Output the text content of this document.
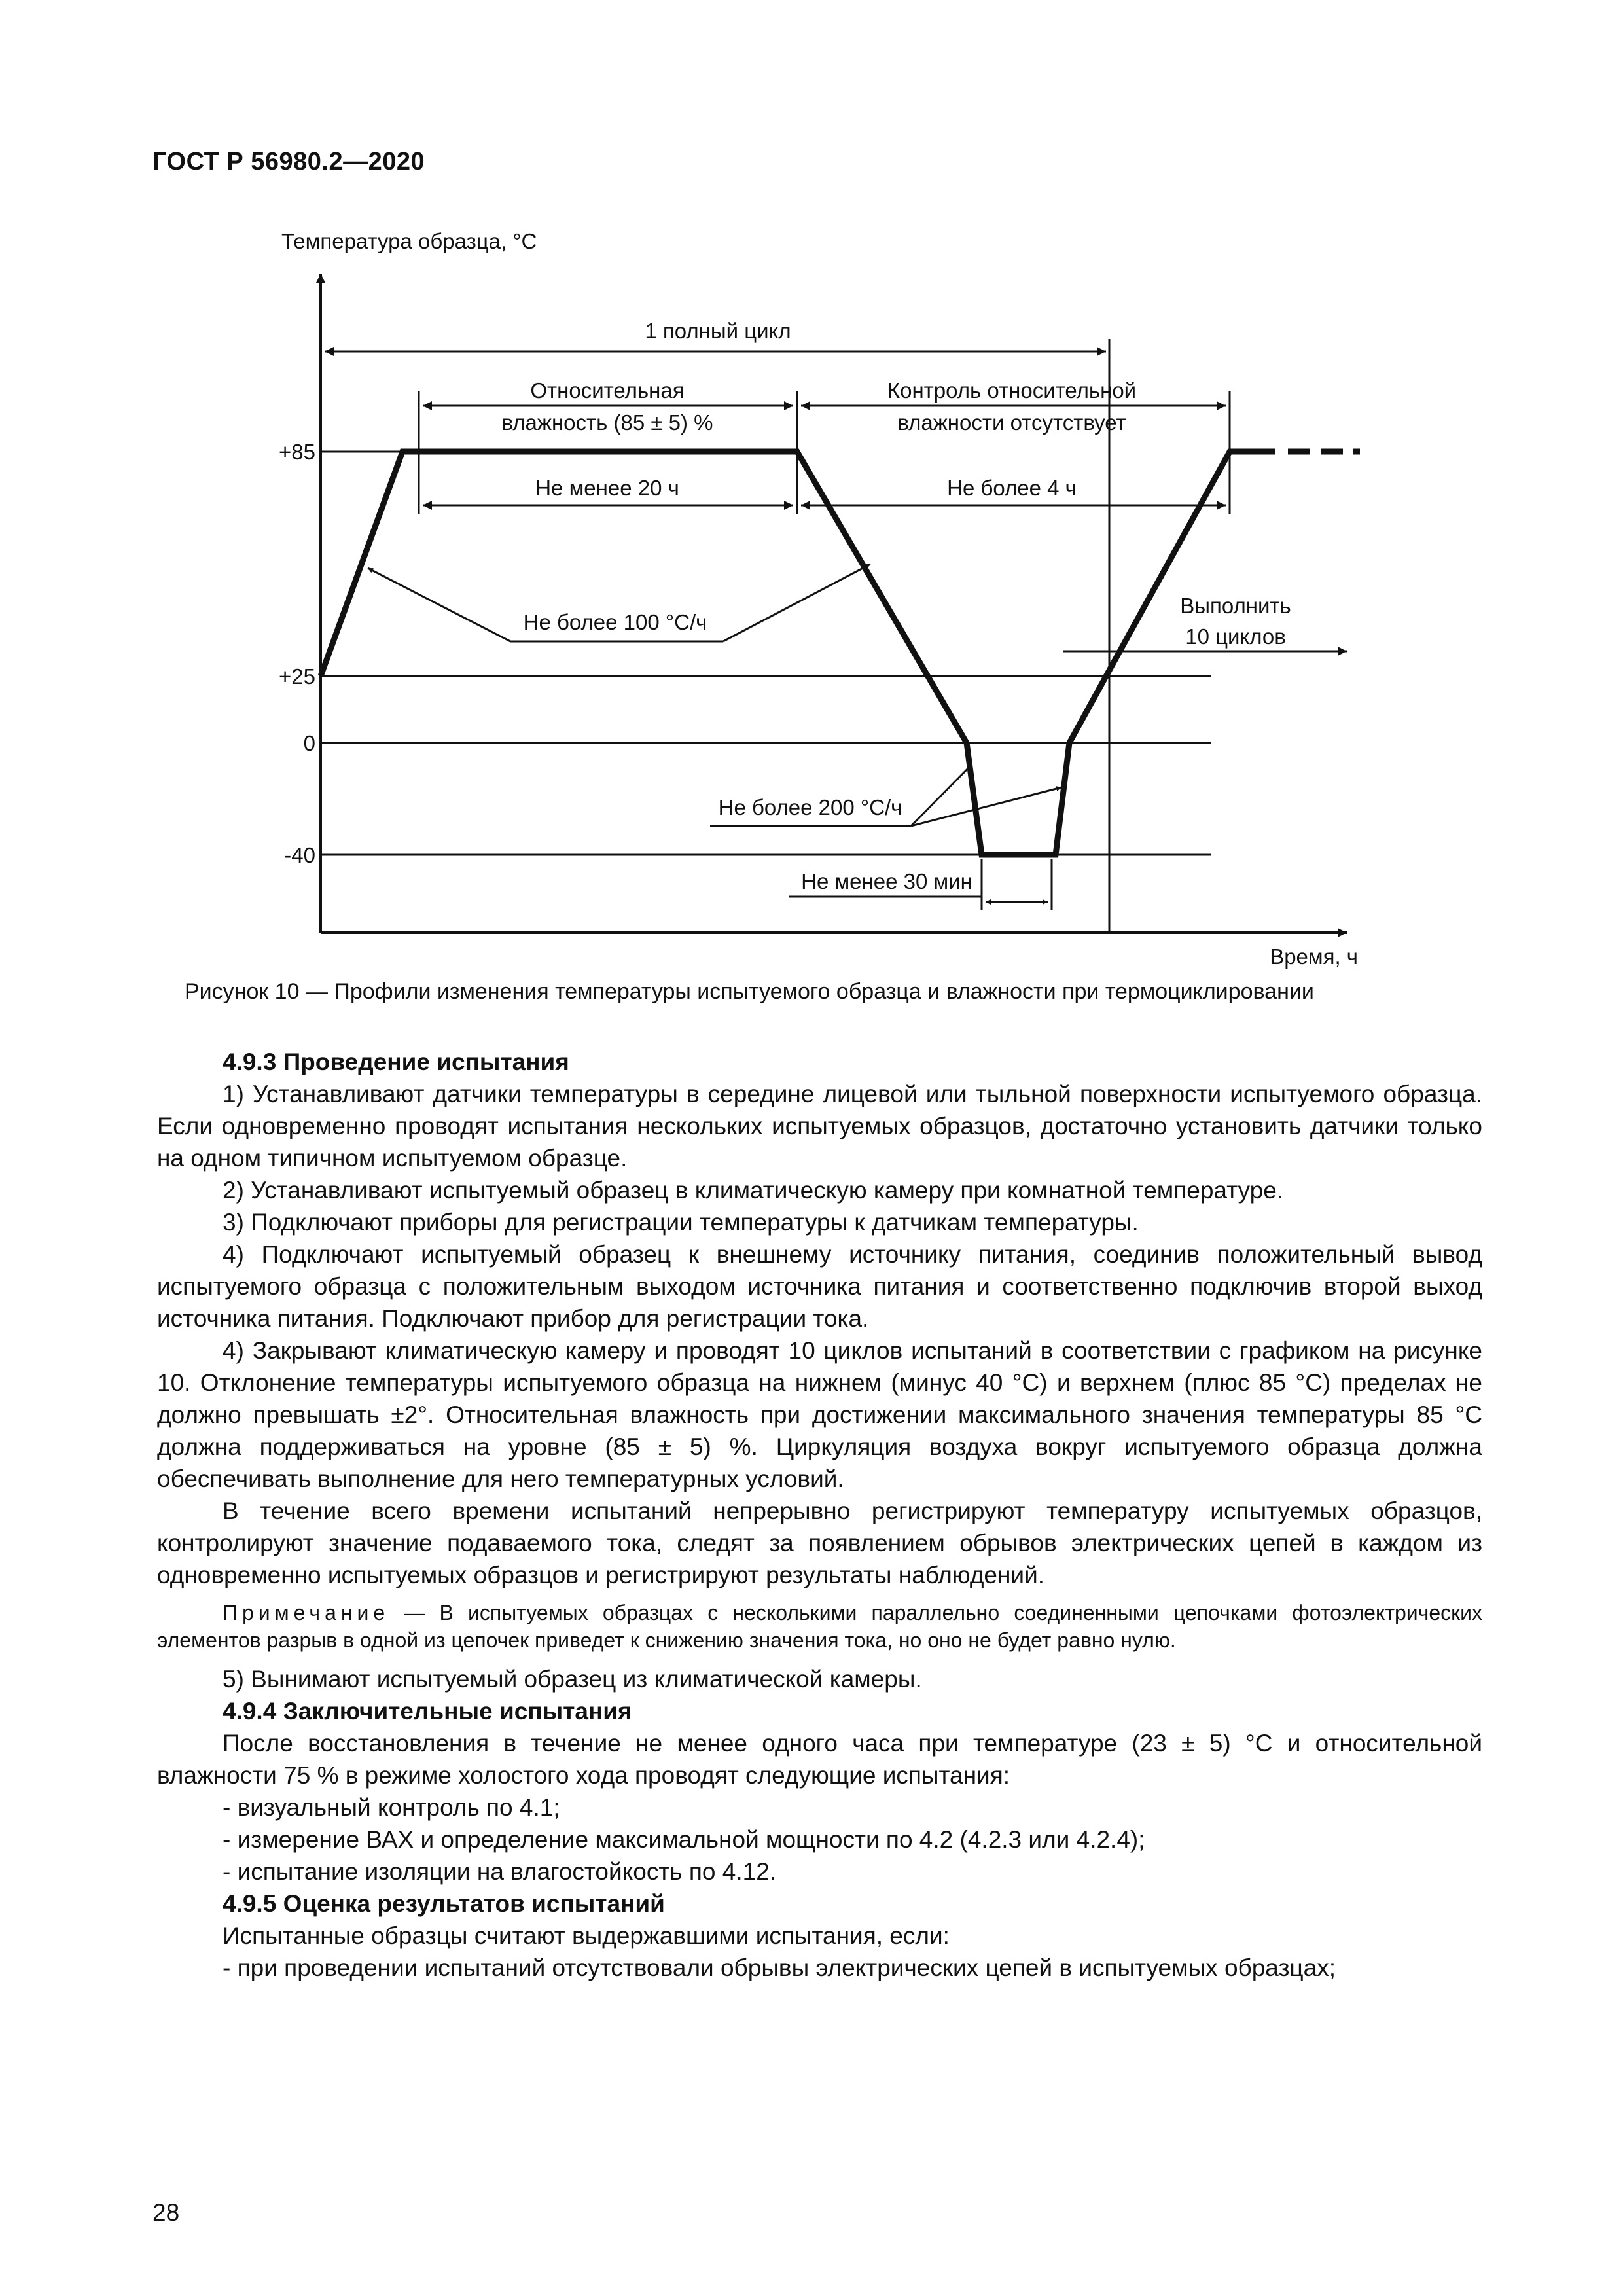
ГОСТ Р 56980.2—2020
Температура образца, °C
Время, ч
+85
+25
0
-40
1 полный цикл
Относительная
влажность (85 ± 5) %
Контроль относительной
влажности отсутствует
Не менее 20 ч	Не более 4 ч
Не более 100 °С/ч
Выполнить
10 циклов
Не более 200 °С/ч
Не менее 30 мин
Рисунок 10 — Профили изменения температуры испытуемого образца и влажности при термоциклировании

4.9.3 Проведение испытания

1) Устанавливают датчики температуры в середине лицевой или тыльной поверхности испытуемого образца. Если одновременно проводят испытания нескольких испытуемых образцов, достаточно установить датчики только на одном типичном испытуемом образце.

2) Устанавливают испытуемый образец в климатическую камеру при комнатной температуре.

3) Подключают приборы для регистрации температуры к датчикам температуры.

4) Подключают испытуемый образец к внешнему источнику питания, соединив положительный вывод испытуемого образца с положительным выходом источника питания и соответственно подключив второй выход источника питания. Подключают прибор для регистрации тока.

4) Закрывают климатическую камеру и проводят 10 циклов испытаний в соответствии с графиком на рисунке 10. Отклонение температуры испытуемого образца на нижнем (минус 40 °С) и верхнем (плюс 85 °С) пределах не должно превышать ±2°. Относительная влажность при достижении максимального значения температуры 85 °С должна поддерживаться на уровне (85 ± 5) %. Циркуляция воздуха вокруг испытуемого образца должна обеспечивать выполнение для него температурных условий.

В течение всего времени испытаний непрерывно регистрируют температуру испытуемых образцов, контролируют значение подаваемого тока, следят за появлением обрывов электрических цепей в каждом из одновременно испытуемых образцов и регистрируют результаты наблюдений.

Примечание — В испытуемых образцах с несколькими параллельно соединенными цепочками фотоэлектрических элементов разрыв в одной из цепочек приведет к снижению значения тока, но оно не будет равно нулю.

5) Вынимают испытуемый образец из климатической камеры.

4.9.4 Заключительные испытания

После восстановления в течение не менее одного часа при температуре (23 ± 5) °С и относительной влажности 75 % в режиме холостого хода проводят следующие испытания:

- визуальный контроль по 4.1;

- измерение ВАХ и определение максимальной мощности по 4.2 (4.2.3 или 4.2.4);

- испытание изоляции на влагостойкость по 4.12.

4.9.5 Оценка результатов испытаний

Испытанные образцы считают выдержавшими испытания, если:

- при проведении испытаний отсутствовали обрывы электрических цепей в испытуемых образцах;

28
